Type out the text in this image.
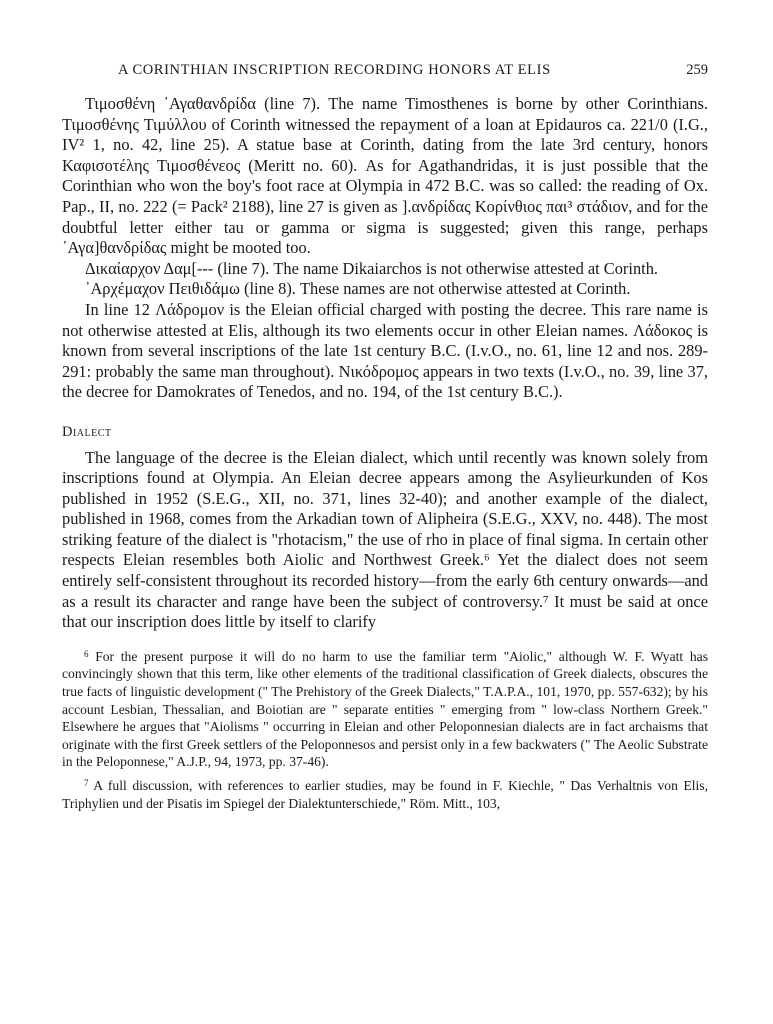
A CORINTHIAN INSCRIPTION RECORDING HONORS AT ELIS	259

Τιμοσθένη ᾿Αγαθανδρίδα (line 7). The name Timosthenes is borne by other Corinthians. Τιμοσθένης Τιμύλλου of Corinth witnessed the repayment of a loan at Epidauros ca. 221/0 (I.G., IV² 1, no. 42, line 25). A statue base at Corinth, dating from the late 3rd century, honors Καφισοτέλης Τιμοσθένεος (Meritt no. 60). As for Agathandridas, it is just possible that the Corinthian who won the boy's foot race at Olympia in 472 B.C. was so called: the reading of Ox. Pap., II, no. 222 (= Pack² 2188), line 27 is given as ].ανδρίδας Κορίνθιος παι³ στάδιον, and for the doubtful letter either tau or gamma or sigma is suggested; given this range, perhaps ᾿Αγα]θανδρίδας might be mooted too.

Δικαίαρχον Δαμ[--- (line 7). The name Dikaiarchos is not otherwise attested at Corinth.

᾿Αρχέμαχον Πειθιδάμω (line 8). These names are not otherwise attested at Corinth.

In line 12 Λάδρομον is the Eleian official charged with posting the decree. This rare name is not otherwise attested at Elis, although its two elements occur in other Eleian names. Λάδοκος is known from several inscriptions of the late 1st century B.C. (I.v.O., no. 61, line 12 and nos. 289-291: probably the same man throughout). Νικόδρομος appears in two texts (I.v.O., no. 39, line 37, the decree for Damokrates of Tenedos, and no. 194, of the 1st century B.C.).

Dialect

The language of the decree is the Eleian dialect, which until recently was known solely from inscriptions found at Olympia. An Eleian decree appears among the Asylieurkunden of Kos published in 1952 (S.E.G., XII, no. 371, lines 32-40); and another example of the dialect, published in 1968, comes from the Arkadian town of Alipheira (S.E.G., XXV, no. 448). The most striking feature of the dialect is "rhotacism," the use of rho in place of final sigma. In certain other respects Eleian resembles both Aiolic and Northwest Greek.⁶ Yet the dialect does not seem entirely self-consistent throughout its recorded history—from the early 6th century onwards—and as a result its character and range have been the subject of controversy.⁷ It must be said at once that our inscription does little by itself to clarify

$^6$ For the present purpose it will do no harm to use the familiar term "Aiolic," although W. F. Wyatt has convincingly shown that this term, like other elements of the traditional classification of Greek dialects, obscures the true facts of linguistic development (" The Prehistory of the Greek Dialects," T.A.P.A., 101, 1970, pp. 557-632); by his account Lesbian, Thessalian, and Boiotian are " separate entities " emerging from " low-class Northern Greek." Elsewhere he argues that "Aiolisms " occurring in Eleian and other Peloponnesian dialects are in fact archaisms that originate with the first Greek settlers of the Peloponnesos and persist only in a few backwaters (" The Aeolic Substrate in the Peloponnese," A.J.P., 94, 1973, pp. 37-46).

$^7$ A full discussion, with references to earlier studies, may be found in F. Kiechle, " Das Verhaltnis von Elis, Triphylien und der Pisatis im Spiegel der Dialektunterschiede," Röm. Mitt., 103,
